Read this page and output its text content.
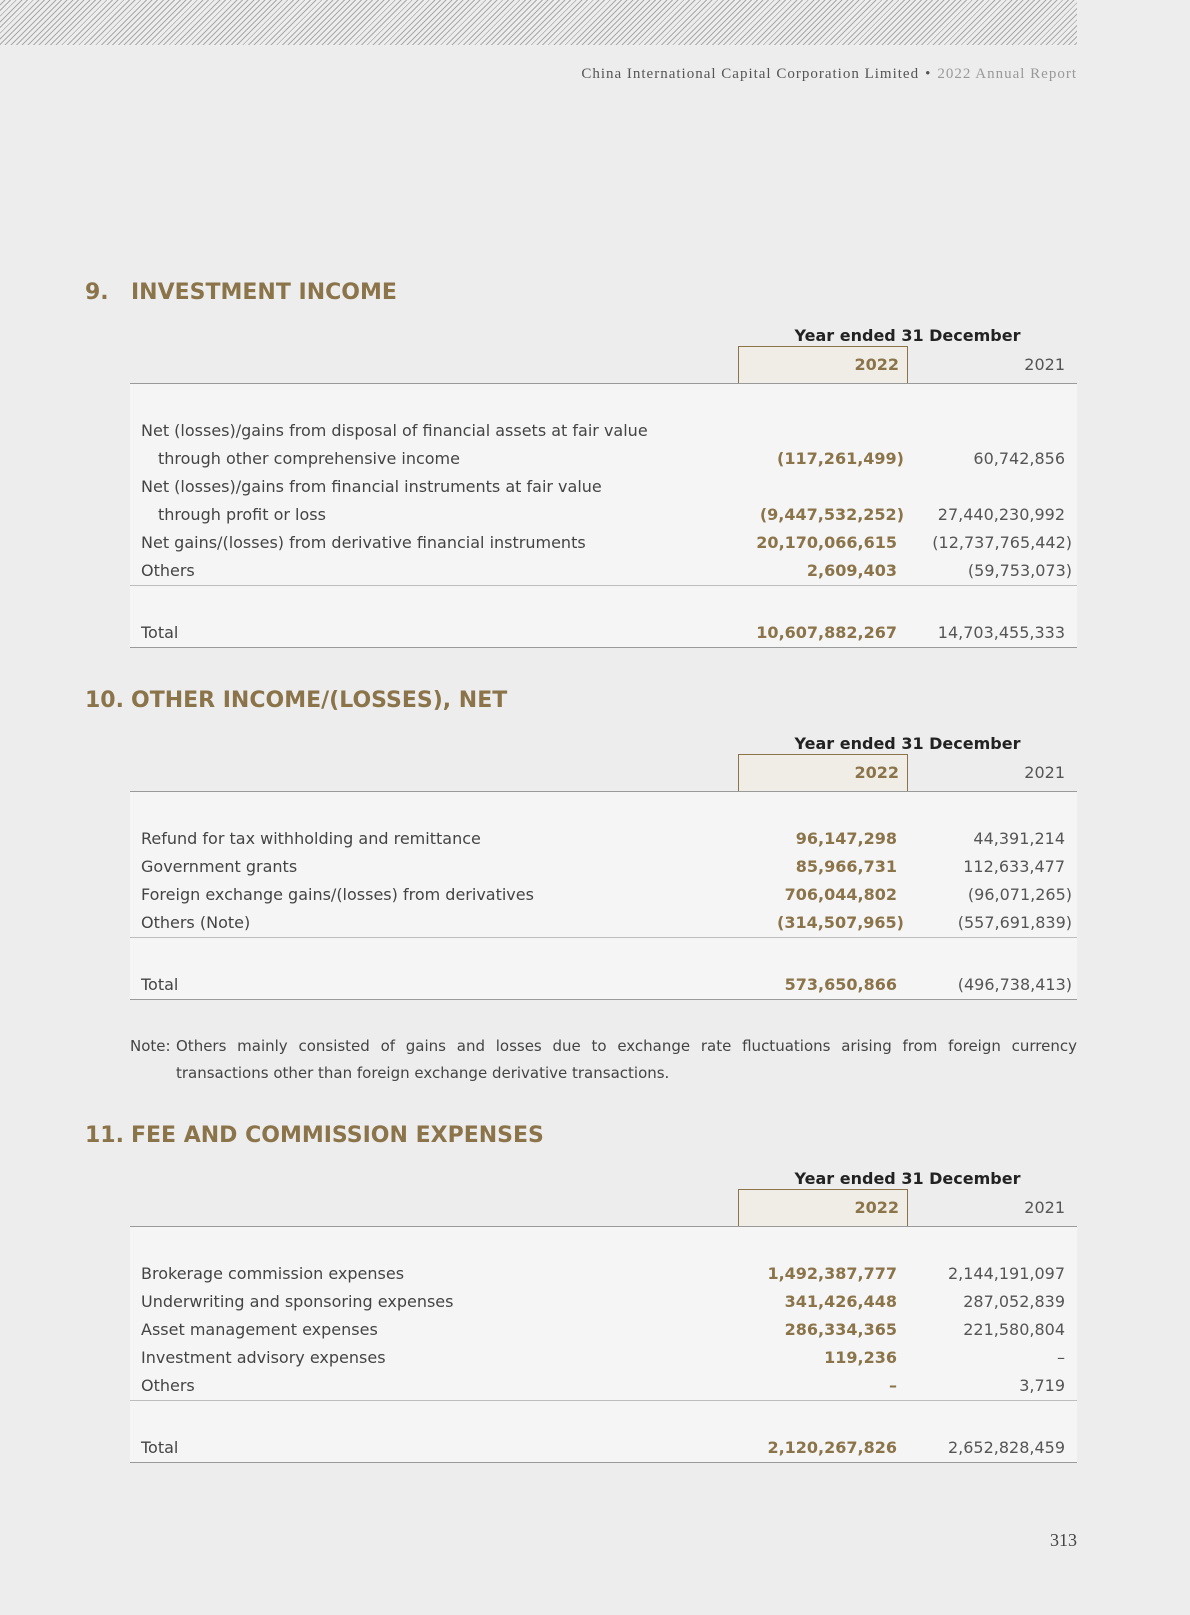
China International Capital Corporation Limited • 2022 Annual Report
9. INVESTMENT INCOME
Year ended 31 December
2022	2021
Net (losses)/gains from disposal of financial assets at fair value
through other comprehensive income	(117,261,499)	60,742,856
Net (losses)/gains from financial instruments at fair value
through profit or loss	(9,447,532,252) 27,440,230,992
Net gains/(losses) from derivative financial instruments	20,170,066,615 (12,737,765,442)
Others	2,609,403	(59,753,073)
Total	10,607,882,267	14,703,455,333
10. OTHER INCOME/(LOSSES), NET
Year ended 31 December
2022	2021
Refund for tax withholding and remittance	96,147,298	44,391,214
Government grants	85,966,731	112,633,477
Foreign exchange gains/(losses) from derivatives	706,044,802	(96,071,265)
Others (Note)	(314,507,965)	(557,691,839)
Total	573,650,866	(496,738,413)
Note: Others mainly consisted of gains and losses due to exchange rate fluctuations arising from foreign currency transactions other than foreign exchange derivative transactions.
11. FEE AND COMMISSION EXPENSES
Year ended 31 December
2022	2021
Brokerage commission expenses	1,492,387,777	2,144,191,097
Underwriting and sponsoring expenses	341,426,448	287,052,839
Asset management expenses	286,334,365	221,580,804
Investment advisory expenses	119,236	–
Others	–	3,719
Total	2,120,267,826	2,652,828,459
313
